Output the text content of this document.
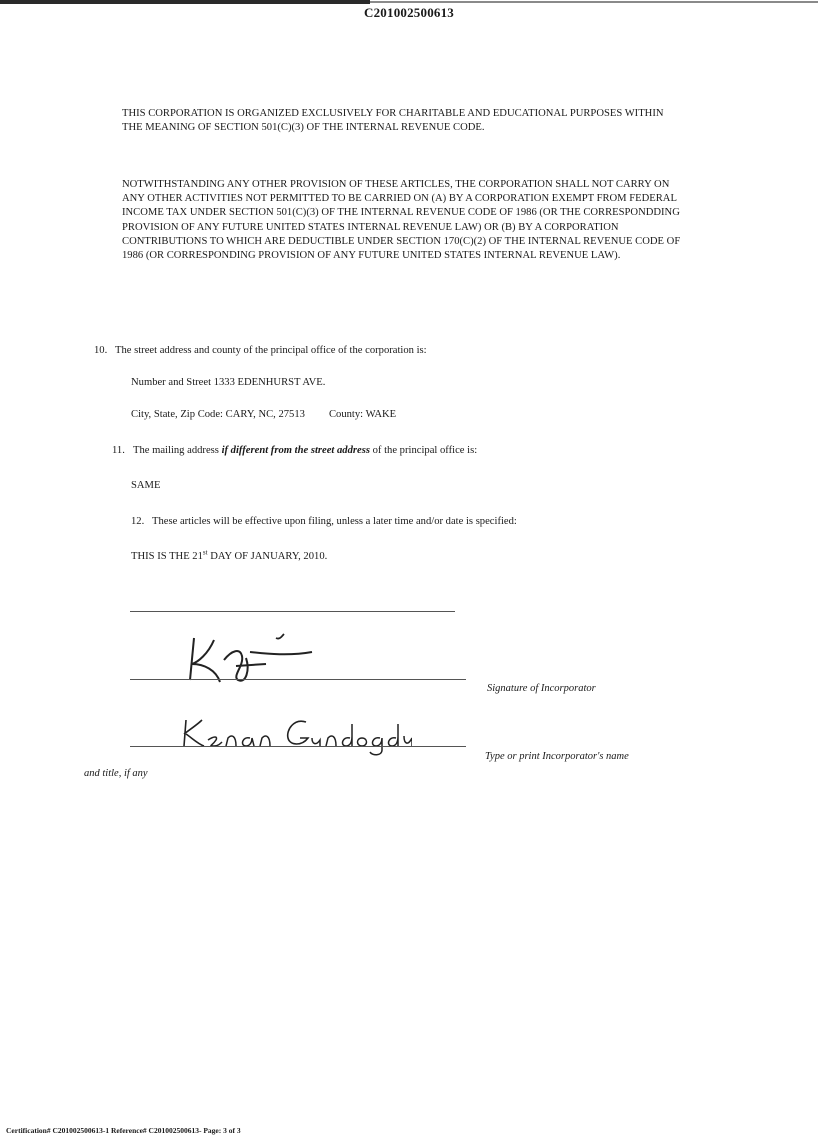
C201002500613
THIS CORPORATION IS ORGANIZED EXCLUSIVELY FOR CHARITABLE AND EDUCATIONAL PURPOSES WITHIN THE MEANING OF SECTION 501(C)(3) OF THE INTERNAL REVENUE CODE.
NOTWITHSTANDING ANY OTHER PROVISION OF THESE ARTICLES, THE CORPORATION SHALL NOT CARRY ON ANY OTHER ACTIVITIES NOT PERMITTED TO BE CARRIED ON (A) BY A CORPORATION EXEMPT FROM FEDERAL INCOME TAX UNDER SECTION 501(C)(3) OF THE INTERNAL REVENUE CODE OF 1986 (OR THE CORRESPONDDING PROVISION OF ANY FUTURE UNITED STATES INTERNAL REVENUE LAW) OR (B) BY A CORPORATION CONTRIBUTIONS TO WHICH ARE DEDUCTIBLE UNDER SECTION 170(C)(2) OF THE INTERNAL REVENUE CODE OF 1986 (OR CORRESPONDING PROVISION OF ANY FUTURE UNITED STATES INTERNAL REVENUE LAW).
10. The street address and county of the principal office of the corporation is:
Number and Street 1333 EDENHURST AVE.
City, State, Zip Code: CARY, NC, 27513 County: WAKE
11. The mailing address if different from the street address of the principal office is:
SAME
12. These articles will be effective upon filing, unless a later time and/or date is specified:
THIS IS THE 21st DAY OF JANUARY, 2010.
Signature of Incorporator
Type or print Incorporator's name
and title, if any
Certification# C201002500613-1 Reference# C201002500613- Page: 3 of 3
